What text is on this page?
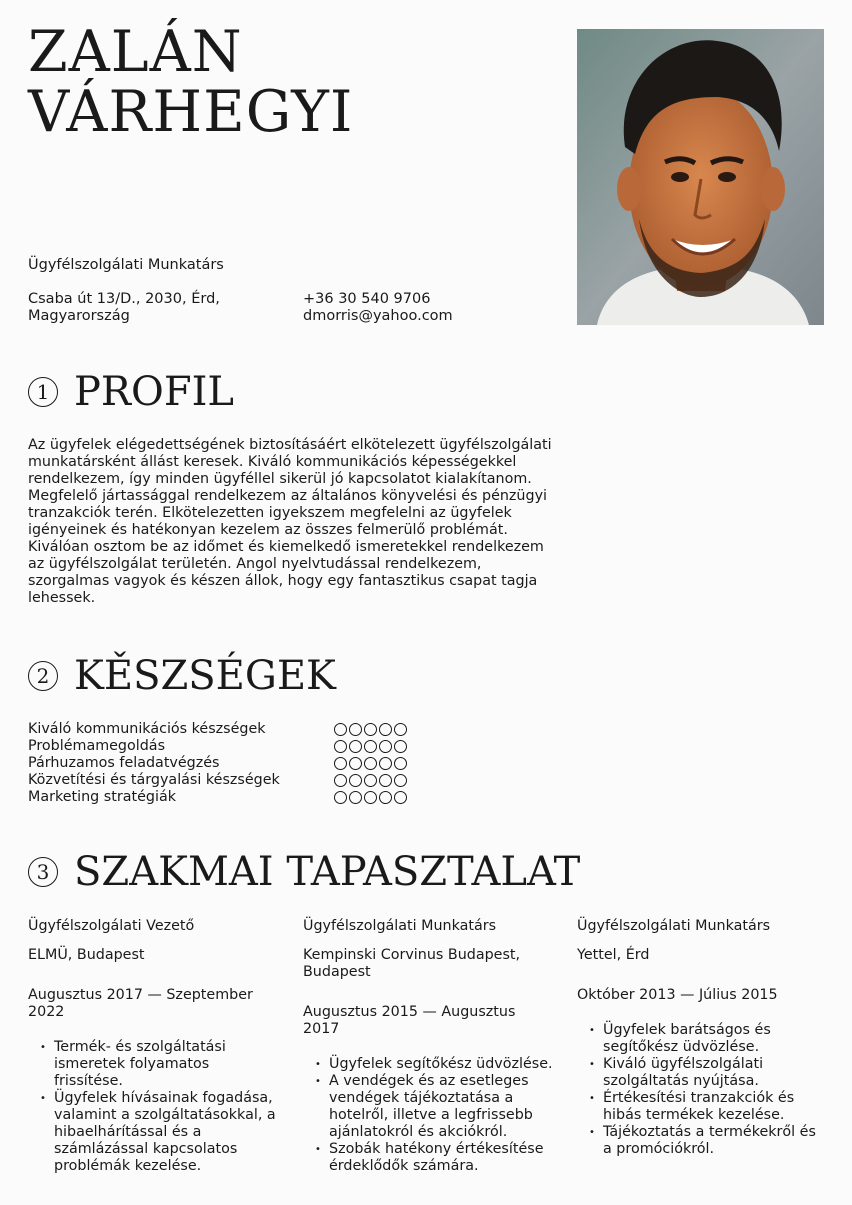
ZALÁN
VÁRHEGYI
Ügyfélszolgálati Munkatárs
Csaba út 13/D., 2030, Érd,
Magyarország
+36 30 540 9706
dmorris@yahoo.com
1 PROFIL
Az ügyfelek elégedettségének biztosításáért elkötelezett ügyfélszolgálati munkatársként állást keresek. Kiváló kommunikációs képességekkel rendelkezem, így minden ügyféllel sikerül jó kapcsolatot kialakítanom. Megfelelő jártassággal rendelkezem az általános könyvelési és pénzügyi tranzakciók terén. Elkötelezetten igyekszem megfelelni az ügyfelek igényeinek és hatékonyan kezelem az összes felmerülő problémát. Kiválóan osztom be az időmet és kiemelkedő ismeretekkel rendelkezem az ügyfélszolgálat területén. Angol nyelvtudással rendelkezem, szorgalmas vagyok és készen állok, hogy egy fantasztikus csapat tagja lehessek.
2 KĚSZSÉGEK
Kiváló kommunikációs készségek
Problémamegoldás
Párhuzamos feladatvégzés
Közvetítési és tárgyalási készségek
Marketing stratégiák
3 SZAKMAI TAPASZTALAT
Ügyfélszolgálati Vezető
ELMÜ, Budapest
Augusztus 2017 — Szeptember 2022
• Termék- és szolgáltatási ismeretek folyamatos frissítése.
• Ügyfelek hívásainak fogadása, valamint a szolgáltatásokkal, a hibaelhárítással és a számlázással kapcsolatos problémák kezelése.
Ügyfélszolgálati Munkatárs
Kempinski Corvinus Budapest, Budapest
Augusztus 2015 — Augusztus 2017
• Ügyfelek segítőkész üdvözlése.
• A vendégek és az esetleges vendégek tájékoztatása a hotelről, illetve a legfrissebb ajánlatokról és akciókról.
• Szobák hatékony értékesítése érdeklődők számára.
Ügyfélszolgálati Munkatárs
Yettel, Érd
Október 2013 — Július 2015
• Ügyfelek barátságos és segítőkész üdvözlése.
• Kiváló ügyfélszolgálati szolgáltatás nyújtása.
• Értékesítési tranzakciók és hibás termékek kezelése.
• Tájékoztatás a termékekről és a promóciókról.
